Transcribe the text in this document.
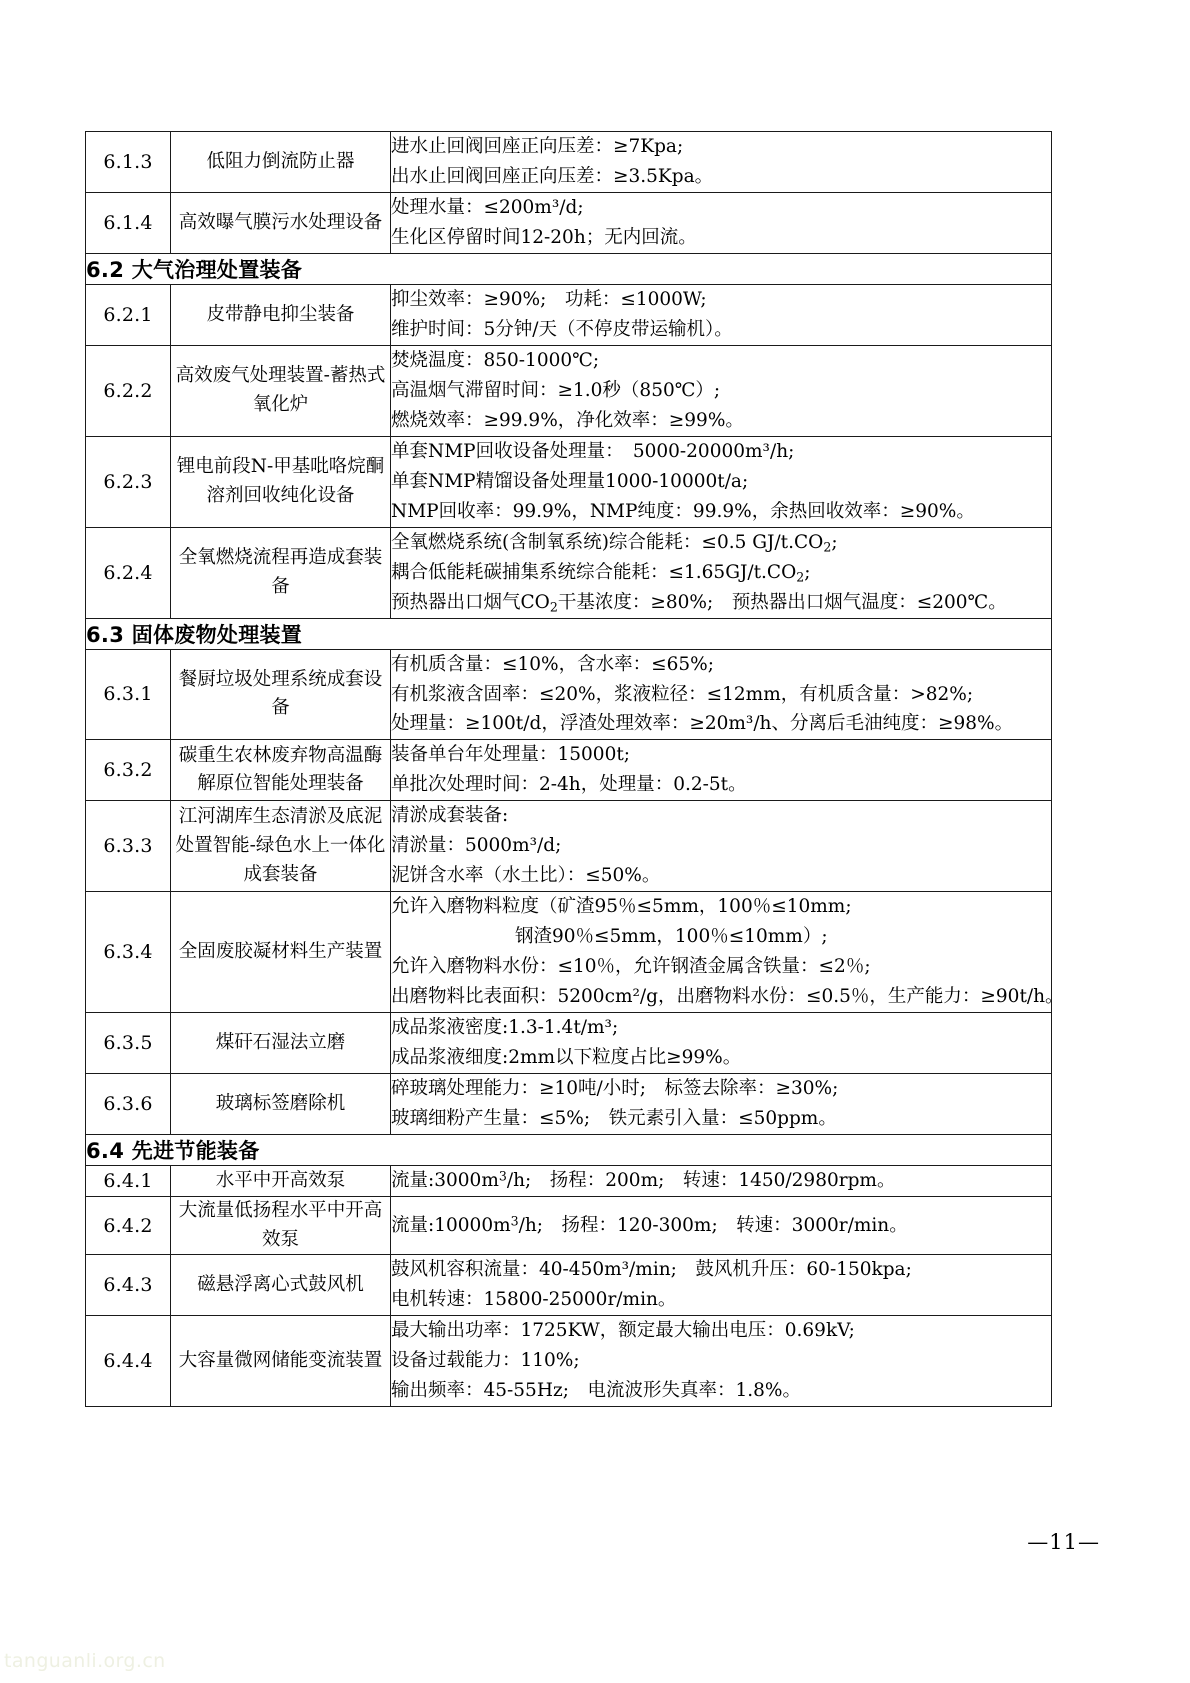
6.1.3	低阻力倒流防止器	进水止回阀回座正向压差：≥7Kpa;
出水止回阀回座正向压差：≥3.5Kpa。

6.1.4	高效曝气膜污水处理设备	处理水量：≤200m³/d;
生化区停留时间12-20h；无内回流。

6.2 大气治理处置装备		
6.2.1	皮带静电抑尘装备	抑尘效率：≥90%;　功耗：≤1000W;
维护时间：5分钟/天（不停皮带运输机）。

6.2.2	高效废气处理装置-蓄热式氧化炉	焚烧温度：850-1000℃;
高温烟气滞留时间：≥1.0秒（850℃）;
燃烧效率：≥99.9%，净化效率：≥99%。

6.2.3	锂电前段N-甲基吡咯烷酮溶剂回收纯化设备	单套NMP回收设备处理量：　5000-20000m³/h;
单套NMP精馏设备处理量1000-10000t/a;
NMP回收率：99.9%，NMP纯度：99.9%，余热回收效率：≥90%。

6.2.4	全氧燃烧流程再造成套装备	全氧燃烧系统(含制氧系统)综合能耗：≤0.5 $GJ/t.CO_2$;
耦合低能耗碳捕集系统综合能耗：$\le 1.65GJ/t.CO_2$;
预热器出口烟气$CO_2$干基浓度：≥80%;　预热器出口烟气温度：≤200℃。

6.3 固体废物处理装置		
6.3.1	餐厨垃圾处理系统成套设备	有机质含量：≤10%，含水率：≤65%;
有机浆液含固率：≤20%，浆液粒径：≤12mm，有机质含量：>82%;
处理量：≥100t/d，浮渣处理效率：≥20m³/h、分离后毛油纯度：≥98%。

6.3.2	碳重生农林废弃物高温酶解原位智能处理装备	装备单台年处理量：15000t;
单批次处理时间：2-4h，处理量：0.2-5t。

6.3.3	江河湖库生态清淤及底泥处置智能-绿色水上一体化成套装备	清淤成套装备:
清淤量：5000m³/d;
泥饼含水率（水土比）：≤50%。

6.3.4	全固废胶凝材料生产装置	允许入磨物料粒度（矿渣95％≤5mm，100％≤10mm;
钢渣90％≤5mm，100％≤10mm）;
允许入磨物料水份：≤10％，允许钢渣金属含铁量：≤2％;
出磨物料比表面积：5200cm²/g，出磨物料水份：≤0.5％，生产能力：≥90t/h。

6.3.5	煤矸石湿法立磨	成品浆液密度:1.3-1.4t/m³;
成品浆液细度:2mm以下粒度占比≥99%。

6.3.6	玻璃标签磨除机	碎玻璃处理能力：≥10吨/小时;　标签去除率：≥30%;
玻璃细粉产生量：≤5%;　铁元素引入量：≤50ppm。

6.4 先进节能装备		
6.4.1	水平中开高效泵	流量$:3000m^3/h$;　扬程：200m;　转速：1450/2980rpm。

6.4.2	大流量低扬程水平中开高效泵	流量$:10000m^3/h$;　扬程：120-300m;　转速：3000r/min。

6.4.3	磁悬浮离心式鼓风机	鼓风机容积流量：40-450m³/min;　鼓风机升压：60-150kpa;
电机转速：15800-25000r/min。

6.4.4	大容量微网储能变流装置	最大输出功率：1725KW，额定最大输出电压：0.69kV;
设备过载能力：110%;
输出频率：45-55Hz;　电流波形失真率：1.8%。
—11—
tanguanli.org.cn
